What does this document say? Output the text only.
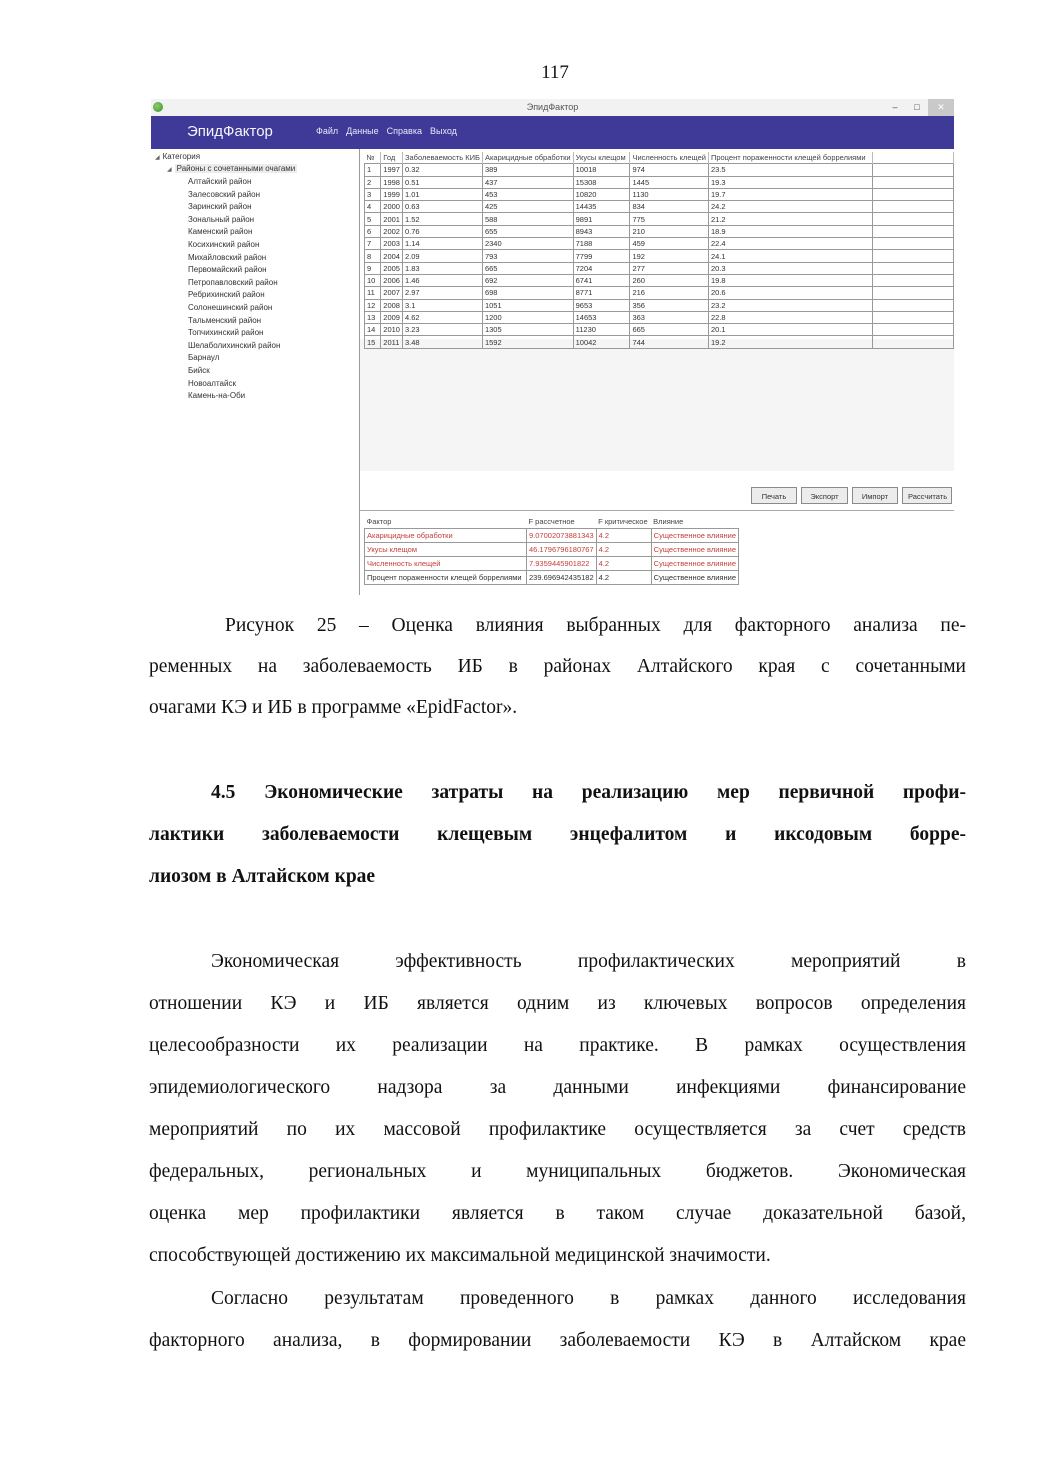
117
ЭпидФактор	–	□	✕
ЭпидФактор	Файл Данные Справка Выход
◢ Категория
◢ Районы с сочетанными очагами
Алтайский район
Залесовский район
Заринский район
Зональный район
Каменский район
Косихинский район
Михайловский район
Первомайский район
Петропавловский район
Ребрихинский район
Солонешинский район
Тальменский район
Топчихинский район
Шелаболихинский район
Барнаул
Бийск
Новоалтайск
Камень-на-Оби
№	Год	Заболеваемость КИБ	Акарицидные обработки	Укусы клещом	Численность клещей	Процент пораженности клещей боррелиями	
1	1997	0.32	389	10018	974	23.5	
2	1998	0.51	437	15308	1445	19.3	
3	1999	1.01	453	10820	1130	19.7	
4	2000	0.63	425	14435	834	24.2	
5	2001	1.52	588	9891	775	21.2	
6	2002	0.76	655	8943	210	18.9	
7	2003	1.14	2340	7188	459	22.4	
8	2004	2.09	793	7799	192	24.1	
9	2005	1.83	665	7204	277	20.3	
10	2006	1.46	692	6741	260	19.8	
11	2007	2.97	698	8771	216	20.6	
12	2008	3.1	1051	9653	356	23.2	
13	2009	4.62	1200	14653	363	22.8	
14	2010	3.23	1305	11230	665	20.1	
15	2011	3.48	1592	10042	744	19.2	
Печать	Экспорт	Импорт	Рассчитать
Фактор	F рассчетное	F критическое	Влияние
Акарицидные обработки	9.07002073881343	4.2	Существенное влияние
Укусы клещом	46.1796796180767	4.2	Существенное влияние
Численность клещей	7.9359445901822	4.2	Существенное влияние
Процент пораженности клещей боррелиями	239.696942435182	4.2	Существенное влияние
Рисунок 25 – Оценка влияния выбранных для факторного анализа пе-
ременных на заболеваемость ИБ в районах Алтайского края с сочетанными
очагами КЭ и ИБ в программе «EpidFactor».
4.5 Экономические затраты на реализацию мер первичной профи-
лактики заболеваемости клещевым энцефалитом и иксодовым борре-
лиозом в Алтайском крае
Экономическая эффективность профилактических мероприятий в
отношении КЭ и ИБ является одним из ключевых вопросов определения
целесообразности их реализации на практике. В рамках осуществления
эпидемиологического надзора за данными инфекциями финансирование
мероприятий по их массовой профилактике осуществляется за счет средств
федеральных, региональных и муниципальных бюджетов. Экономическая
оценка мер профилактики является в таком случае доказательной базой,
способствующей достижению их максимальной медицинской значимости.
Согласно результатам проведенного в рамках данного исследования
факторного анализа, в формировании заболеваемости КЭ в Алтайском крае
